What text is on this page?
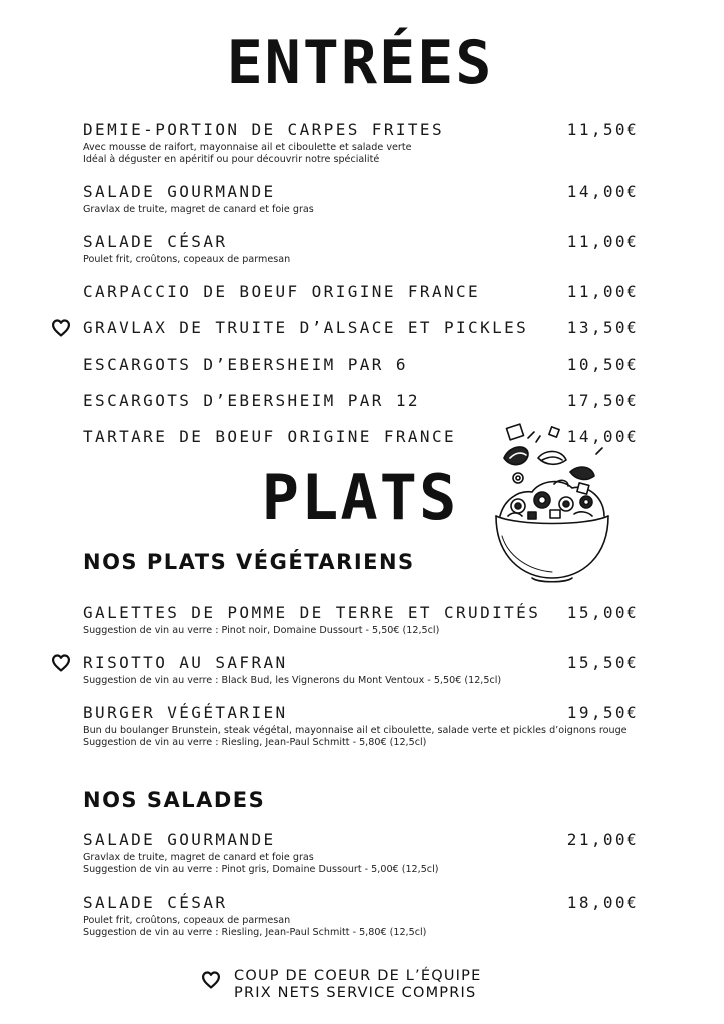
ENTRÉES
DEMIE-PORTION DE CARPES FRITES	11,50€
Avec mousse de raifort, mayonnaise ail et ciboulette et salade verte
Idéal à déguster en apéritif ou pour découvrir notre spécialité
SALADE GOURMANDE	14,00€
Gravlax de truite, magret de canard et foie gras
SALADE CÉSAR	11,00€
Poulet frit, croûtons, copeaux de parmesan
CARPACCIO DE BOEUF ORIGINE FRANCE	11,00€
GRAVLAX DE TRUITE D’ALSACE ET PICKLES 13,50€
ESCARGOTS D’EBERSHEIM PAR 6	10,50€
ESCARGOTS D’EBERSHEIM PAR 12	17,50€
TARTARE DE BOEUF ORIGINE FRANCE	14,00€
PLATS
NOS PLATS VÉGÉTARIENS
GALETTES DE POMME DE TERRE ET CRUDITÉS 15,00€
Suggestion de vin au verre : Pinot noir, Domaine Dussourt - 5,50€ (12,5cl)
RISOTTO AU SAFRAN	15,50€
Suggestion de vin au verre : Black Bud, les Vignerons du Mont Ventoux - 5,50€ (12,5cl)
BURGER VÉGÉTARIEN	19,50€
Bun du boulanger Brunstein, steak végétal, mayonnaise ail et ciboulette, salade verte et pickles d’oignons rouge
Suggestion de vin au verre : Riesling, Jean-Paul Schmitt - 5,80€ (12,5cl)
NOS SALADES
SALADE GOURMANDE	21,00€
Gravlax de truite, magret de canard et foie gras
Suggestion de vin au verre : Pinot gris, Domaine Dussourt - 5,00€ (12,5cl)
SALADE CÉSAR	18,00€
Poulet frit, croûtons, copeaux de parmesan
Suggestion de vin au verre : Riesling, Jean-Paul Schmitt - 5,80€ (12,5cl)
COUP DE COEUR DE L’ÉQUIPE
PRIX NETS SERVICE COMPRIS
